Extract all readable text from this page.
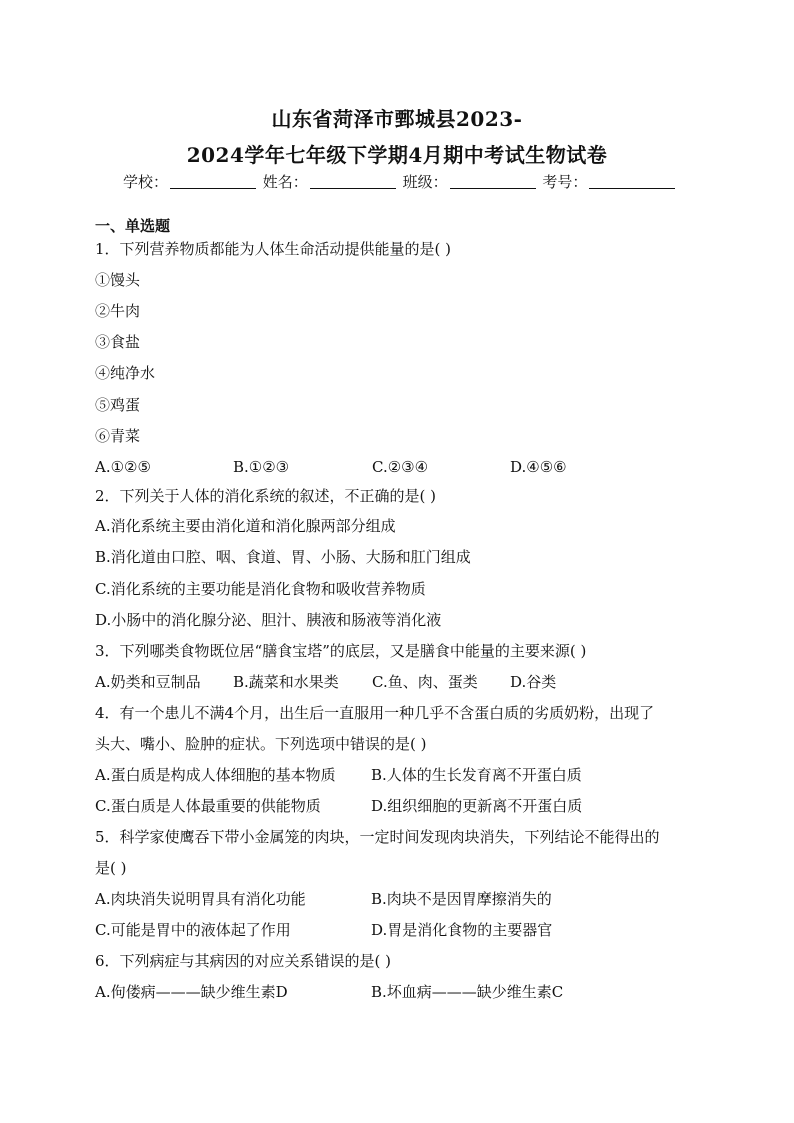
山东省菏泽市鄄城县2023-
2024学年七年级下学期4月期中考试生物试卷
学校：	姓名：	班级：	考号：
一、单选题
1．下列营养物质都能为人体生命活动提供能量的是( )
①馒头
②牛肉
③食盐
④纯净水
⑤鸡蛋
⑥青菜
A.①②⑤	B.①②③	C.②③④	D.④⑤⑥
2．下列关于人体的消化系统的叙述，不正确的是( )
A.消化系统主要由消化道和消化腺两部分组成
B.消化道由口腔、咽、食道、胃、小肠、大肠和肛门组成
C.消化系统的主要功能是消化食物和吸收营养物质
D.小肠中的消化腺分泌、胆汁、胰液和肠液等消化液
3．下列哪类食物既位居“膳食宝塔”的底层，又是膳食中能量的主要来源( )
A.奶类和豆制品 B.蔬菜和水果类 C.鱼、肉、蛋类 D.谷类
4．有一个患儿不满4个月，出生后一直服用一种几乎不含蛋白质的劣质奶粉，出现了
头大、嘴小、脸肿的症状。下列选项中错误的是( )
A.蛋白质是构成人体细胞的基本物质 B.人体的生长发育离不开蛋白质
C.蛋白质是人体最重要的供能物质	D.组织细胞的更新离不开蛋白质
5．科学家使鹰吞下带小金属笼的肉块，一定时间发现肉块消失，下列结论不能得出的
是( )
A.肉块消失说明胃具有消化功能	B.肉块不是因胃摩擦消失的
C.可能是胃中的液体起了作用	D.胃是消化食物的主要器官
6．下列病症与其病因的对应关系错误的是( )
A.佝偻病———缺少维生素D	B.坏血病———缺少维生素C
